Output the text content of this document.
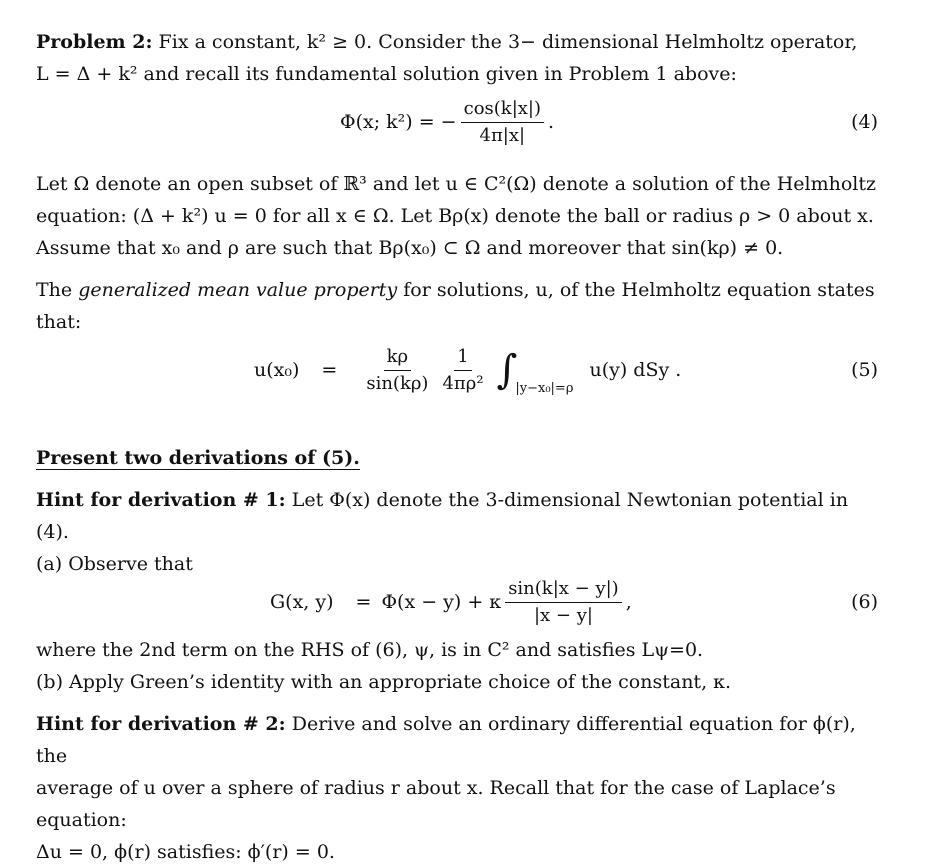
Problem 2: Fix a constant, k² ≥ 0. Consider the 3− dimensional Helmholtz operator,
L = Δ + k² and recall its fundamental solution given in Problem 1 above:

Φ(x; k²) = − $\frac{\cos(k|x|)}{4\pi|x|}$ .	(4)

Let Ω denote an open subset of ℝ³ and let u ∈ C²(Ω) denote a solution of the Helmholtz
equation: (Δ + k²) u = 0 for all x ∈ Ω. Let Bρ(x) denote the ball or radius ρ > 0 about x.
Assume that x₀ and ρ are such that Bρ(x₀) ⊂ Ω and moreover that sin(kρ) ≠ 0.

The generalized mean value property for solutions, u, of the Helmholtz equation states that:

$u(x_0) = \frac{k\rho}{\sin(k\rho)} \frac{1}{\text{4πρ²}}$ ∫
|y−x₀|=ρ
u(y) dSy .	(5)

Present two derivations of (5).

Hint for derivation # 1: Let Φ(x) denote the 3-dimensional Newtonian potential in (4).
(a) Observe that

G(x, y) = Φ(x − y) + κ $\frac{\sin(k|x - y|)}{|x - y|}$ ,	(6)

where the 2nd term on the RHS of (6), ψ, is in C² and satisfies Lψ=0.
(b) Apply Green’s identity with an appropriate choice of the constant, κ.

Hint for derivation # 2: Derive and solve an ordinary differential equation for ϕ(r), the
average of u over a sphere of radius r about x. Recall that for the case of Laplace’s equation:
Δu = 0, ϕ(r) satisfies: ϕ′(r) = 0.
